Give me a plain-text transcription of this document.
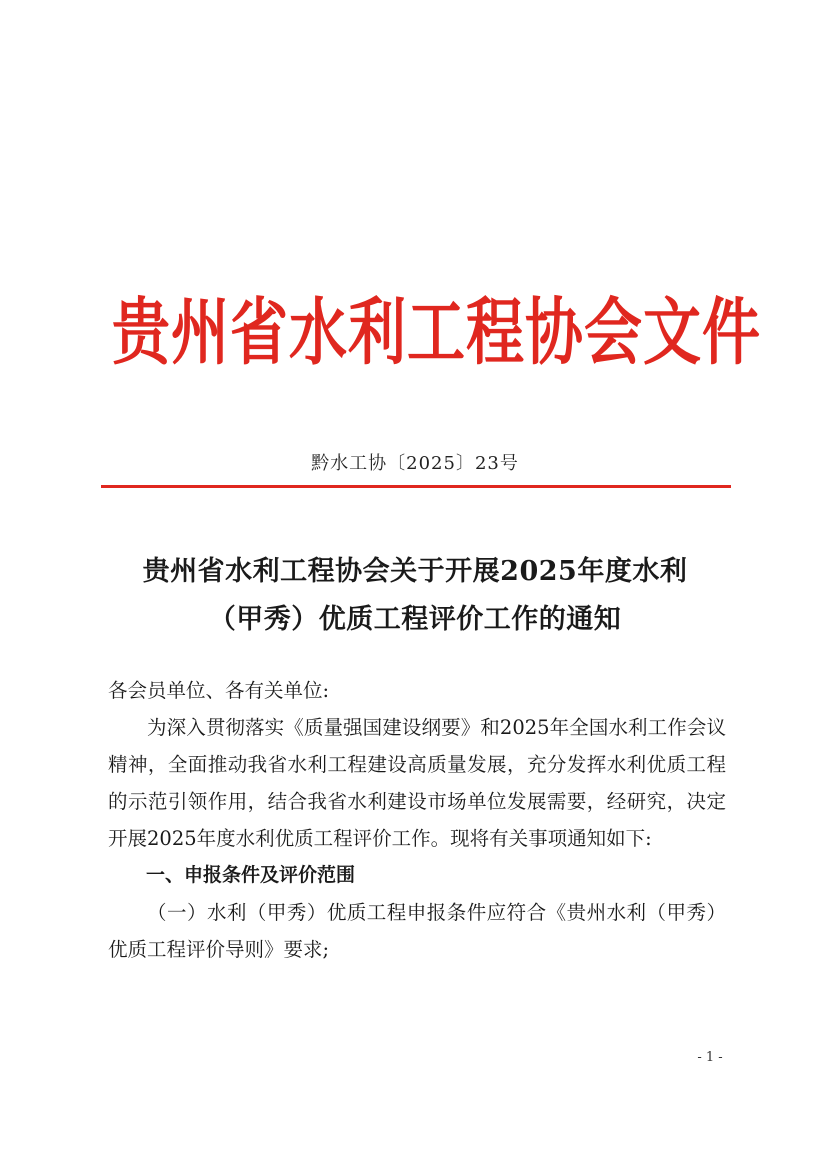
贵州省水利工程协会文件
黔水工协〔2025〕23号
贵州省水利工程协会关于开展2025年度水利
（甲秀）优质工程评价工作的通知

各会员单位、各有关单位:

为深入贯彻落实《质量强国建设纲要》和2025年全国水利工作会议精神，全面推动我省水利工程建设高质量发展，充分发挥水利优质工程的示范引领作用，结合我省水利建设市场单位发展需要，经研究，决定开展2025年度水利优质工程评价工作。现将有关事项通知如下:

一、申报条件及评价范围

（一）水利（甲秀）优质工程申报条件应符合《贵州水利（甲秀）优质工程评价导则》要求;

- 1 -
